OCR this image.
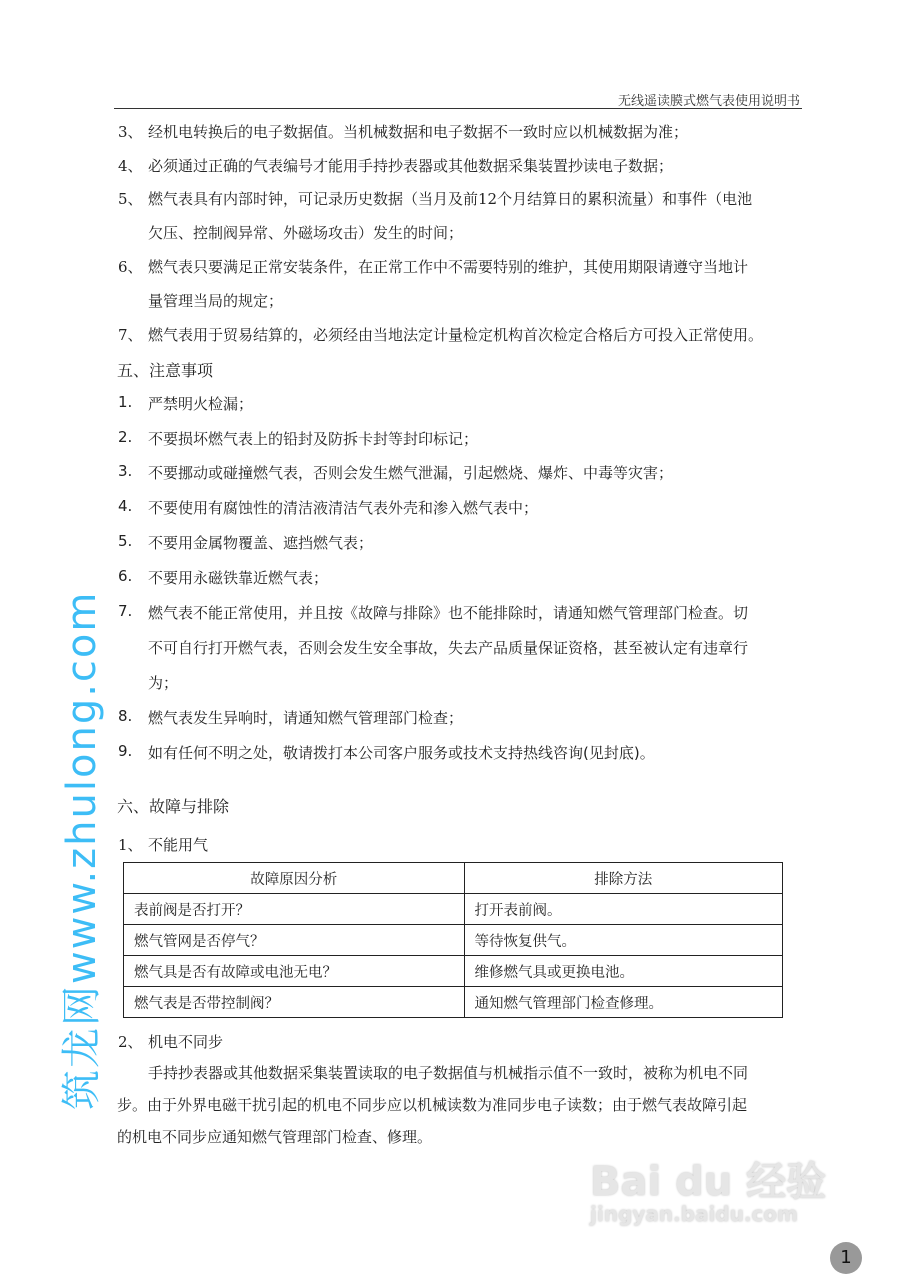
无线遥读膜式燃气表使用说明书
3、 经机电转换后的电子数据值。当机械数据和电子数据不一致时应以机械数据为准；
4、 必须通过正确的气表编号才能用手持抄表器或其他数据采集装置抄读电子数据；
5、 燃气表具有内部时钟，可记录历史数据（当月及前12个月结算日的累积流量）和事件（电池
欠压、控制阀异常、外磁场攻击）发生的时间；
6、 燃气表只要满足正常安装条件，在正常工作中不需要特别的维护，其使用期限请遵守当地计
量管理当局的规定；
7、 燃气表用于贸易结算的，必须经由当地法定计量检定机构首次检定合格后方可投入正常使用。
五、注意事项
1. 严禁明火检漏；
2. 不要损坏燃气表上的铅封及防拆卡封等封印标记；
3. 不要挪动或碰撞燃气表，否则会发生燃气泄漏，引起燃烧、爆炸、中毒等灾害；
4. 不要使用有腐蚀性的清洁液清洁气表外壳和渗入燃气表中；
5. 不要用金属物覆盖、遮挡燃气表；
6. 不要用永磁铁靠近燃气表；
7. 燃气表不能正常使用，并且按《故障与排除》也不能排除时，请通知燃气管理部门检查。切
不可自行打开燃气表，否则会发生安全事故，失去产品质量保证资格，甚至被认定有违章行
为；
8. 燃气表发生异响时，请通知燃气管理部门检查；
9. 如有任何不明之处，敬请拨打本公司客户服务或技术支持热线咨询(见封底)。
六、故障与排除
1、 不能用气
2、 机电不同步
手持抄表器或其他数据采集装置读取的电子数据值与机械指示值不一致时，被称为机电不同
步。由于外界电磁干扰引起的机电不同步应以机械读数为准同步电子读数；由于燃气表故障引起
的机电不同步应通知燃气管理部门检查、修理。
故障原因分析	排除方法
表前阀是否打开？	打开表前阀。
燃气管网是否停气？	等待恢复供气。
燃气具是否有故障或电池无电？	维修燃气具或更换电池。
燃气表是否带控制阀？	通知燃气管理部门检查修理。
筑龙网www.zhulong.com
Bai du 经验
jingyan.baidu.com
1
